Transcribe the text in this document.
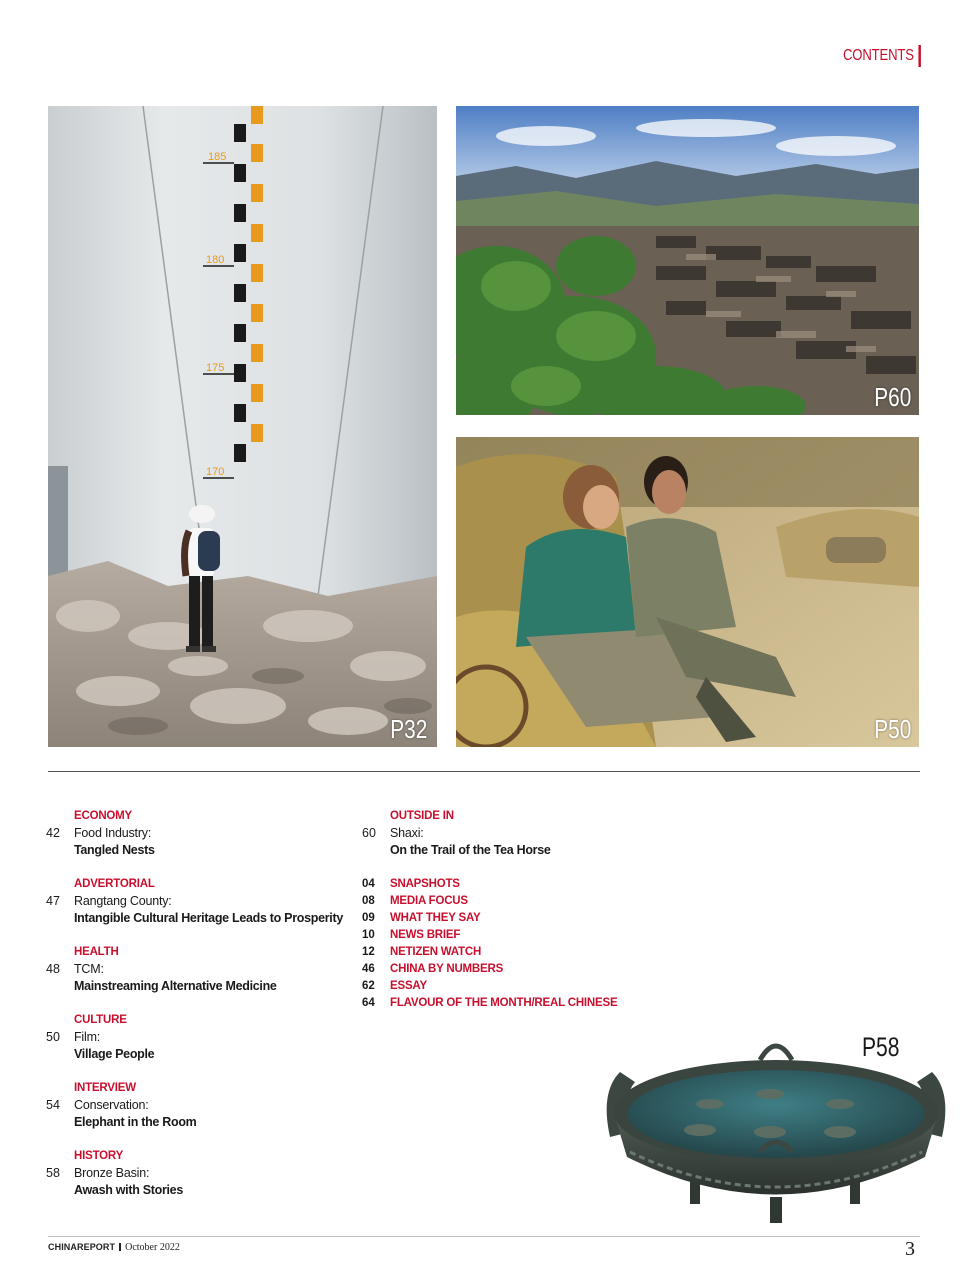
CONTENTS
185
180
175
170
P32
P60
P50
ECONOMY
42	Food Industry:
Tangled Nests
ADVERTORIAL
47	Rangtang County:
Intangible Cultural Heritage Leads to Prosperity
HEALTH
48	TCM:
Mainstreaming Alternative Medicine
CULTURE
50	Film:
Village People
INTERVIEW
54	Conservation:
Elephant in the Room
HISTORY
58	Bronze Basin:
Awash with Stories
OUTSIDE IN
60	Shaxi:
On the Trail of the Tea Horse
04	SNAPSHOTS
08	MEDIA FOCUS
09	WHAT THEY SAY
10	NEWS BRIEF
12	NETIZEN WATCH
46	CHINA BY NUMBERS
62	ESSAY
64	FLAVOUR OF THE MONTH/REAL CHINESE
P58
CHINAREPORT October 2022	3
